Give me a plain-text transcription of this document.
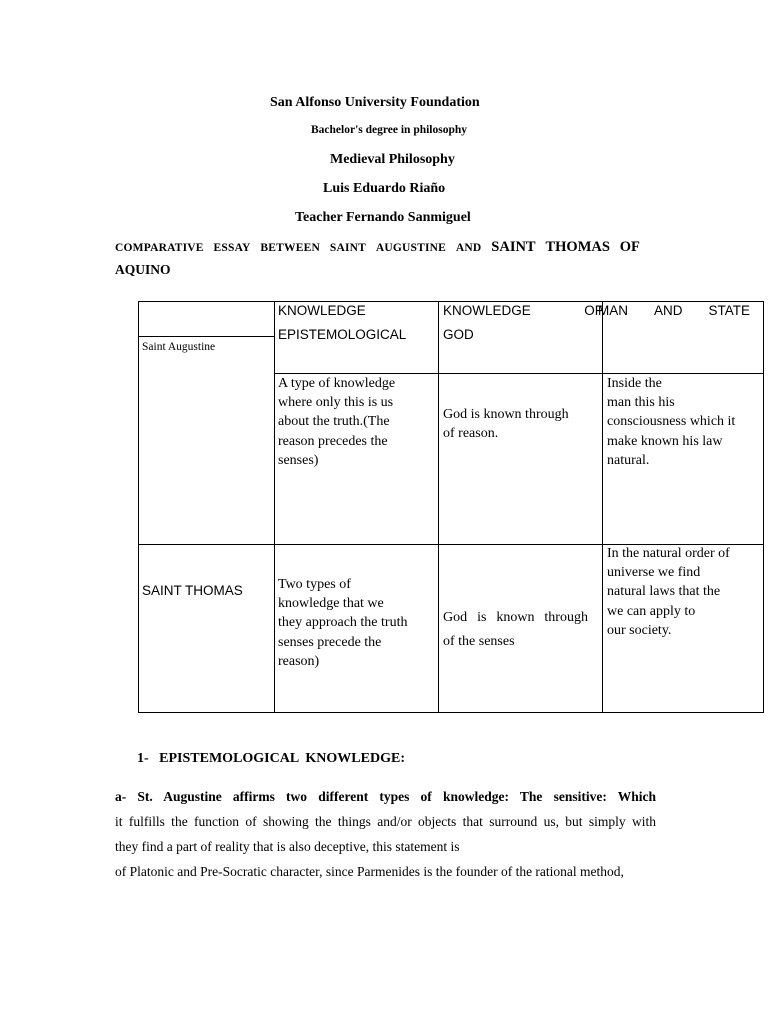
San Alfonso University Foundation
Bachelor's degree in philosophy
Medieval Philosophy
Luis Eduardo Riaño
Teacher Fernando Sanmiguel
COMPARATIVE ESSAY BETWEEN SAINT AUGUSTINE AND SAINT THOMAS OF
AQUINO
Saint Augustine
KNOWLEDGE
EPISTEMOLOGICAL
KNOWLEDGE	OF
GOD
MAN AND STATE
A type of knowledge
where only this is us
about the truth.(The
reason precedes the
senses)
God is known through
of reason.
Inside the
man this his
consciousness which it
make known his law
natural.
SAINT THOMAS	Two types of
knowledge that we
they approach the truth
senses precede the
reason)
God is known through
of the senses
In the natural order of
universe we find
natural laws that the
we can apply to
our society.
1-   EPISTEMOLOGICAL  KNOWLEDGE:
a- St. Augustine affirms two different types of knowledge: The sensitive: Which
it fulfills the function of showing the things and/or objects that surround us, but simply with
they find a part of reality that is also deceptive, this statement is
of Platonic and Pre-Socratic character, since Parmenides is the founder of the rational method,
